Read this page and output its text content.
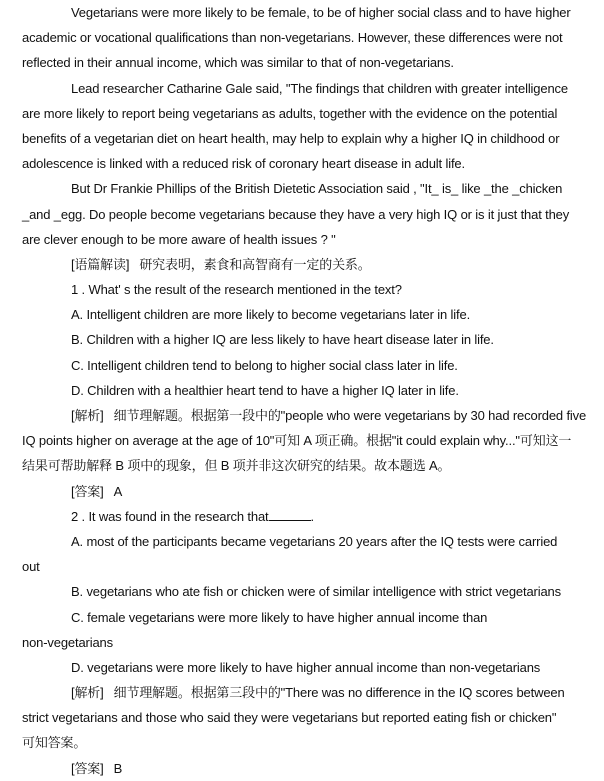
Vegetarians were more likely to be female, to be of higher social class and to have higher
academic or vocational qualifications than non-vegetarians. However, these differences were not
reflected in their annual income, which was similar to that of non-vegetarians.
Lead researcher Catharine Gale said, "The findings that children with greater intelligence
are more likely to report being vegetarians as adults, together with the evidence on the potential
benefits of a vegetarian diet on heart health, may help to explain why a higher IQ in childhood or
adolescence is linked with a reduced risk of coronary heart disease in adult life.
But Dr Frankie Phillips of the British Dietetic Association said , "It_ is_ like _the _chicken
_and _egg. Do people become vegetarians because they have a very high IQ or is it just that they
are clever enough to be more aware of health issues ? "
[语篇解读] 研究表明，素食和高智商有一定的关系。
1 . What' s the result of the research mentioned in the text?
A. Intelligent children are more likely to become vegetarians later in life.
B. Children with a higher IQ are less likely to have heart disease later in life.
C. Intelligent children tend to belong to higher social class later in life.
D. Children with a healthier heart tend to have a higher IQ later in life.
[解析] 细节理解题。根据第一段中的"people who were vegetarians by 30 had recorded five
IQ points higher on average at the age of 10"可知 A 项正确。根据"it could explain why..."可知这一
结果可帮助解释 B 项中的现象，但 B 项并非这次研究的结果。故本题选 A。
[答案] A
2 . It was found in the research that	.
A. most of the participants became vegetarians 20 years after the IQ tests were carried
out
B. vegetarians who ate fish or chicken were of similar intelligence with strict vegetarians
C. female vegetarians were more likely to have higher annual income than
non-vegetarians
D. vegetarians were more likely to have higher annual income than non-vegetarians
[解析] 细节理解题。根据第三段中的"There was no difference in the IQ scores between
strict vegetarians and those who said they were vegetarians but reported eating fish or chicken"
可知答案。
[答案] B
